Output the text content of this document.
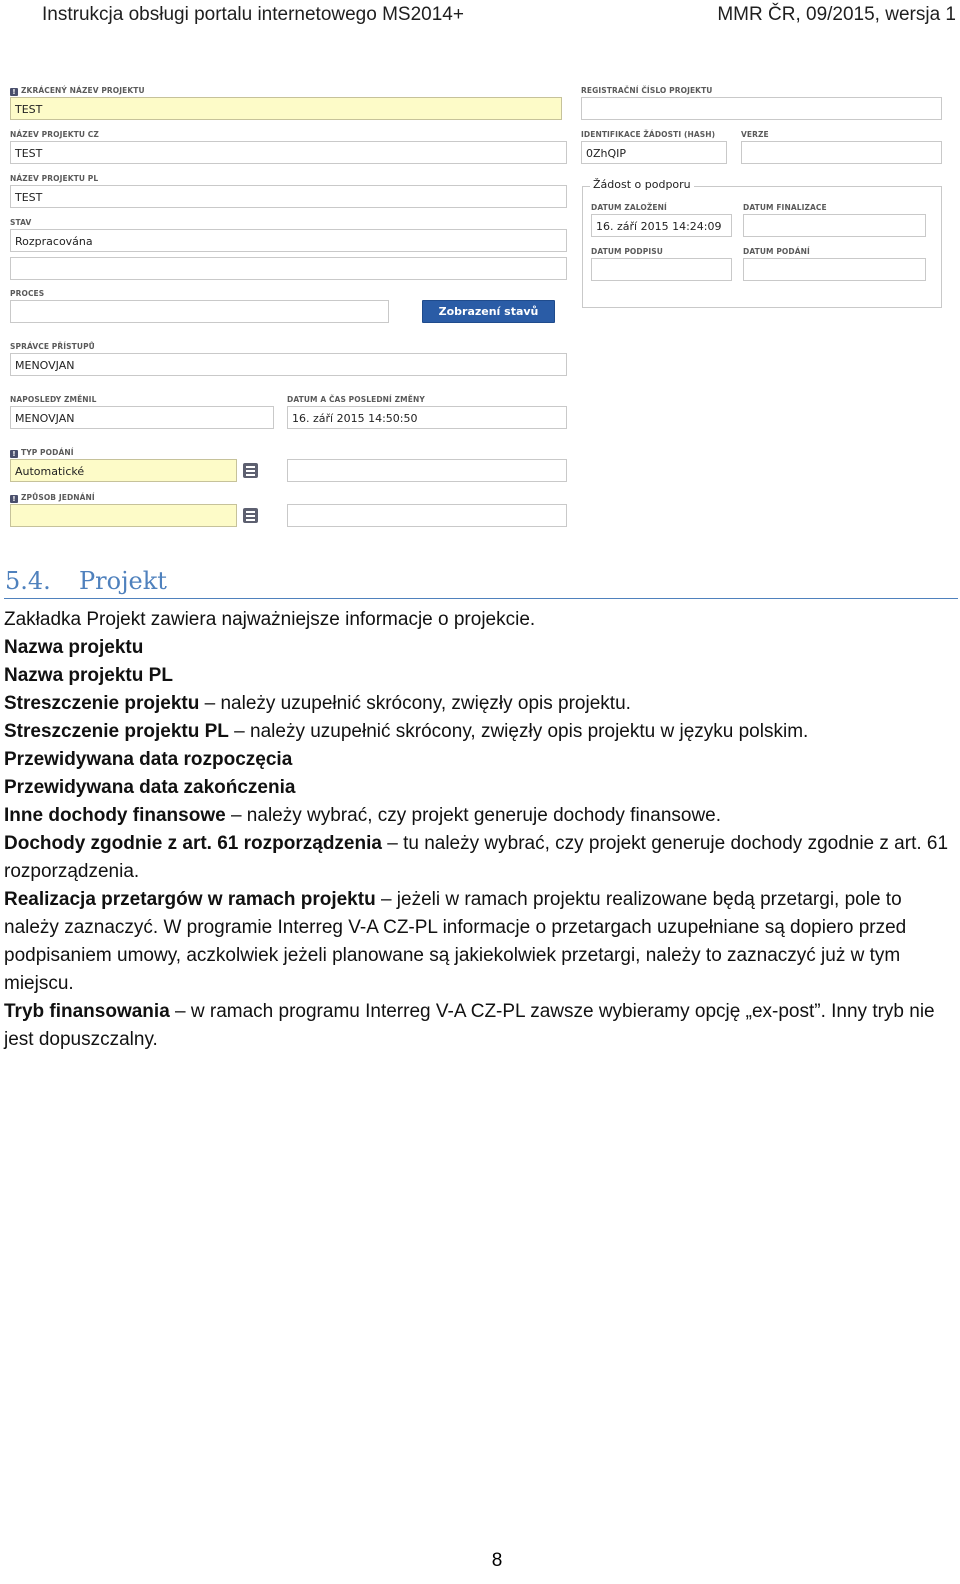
Instrukcja obsługi portalu internetowego MS2014+	MMR ČR, 09/2015, wersja 1
! ZKRÁCENÝ NÁZEV PROJEKTU
TEST
REGISTRAČNÍ ČÍSLO PROJEKTU
NÁZEV PROJEKTU CZ
TEST
IDENTIFIKACE ŽÁDOSTI (HASH)
0ZhQIP
VERZE
NÁZEV PROJEKTU PL
TEST
Žádost o podporu
DATUM ZALOŽENÍ
16. září 2015 14:24:09
DATUM FINALIZACE
DATUM PODPISU	DATUM PODÁNÍ
STAV
Rozpracována
PROCES
Zobrazení stavů
SPRÁVCE PŘÍSTUPŮ
MENOVJAN
NAPOSLEDY ZMĚNIL
MENOVJAN
DATUM A ČAS POSLEDNÍ ZMĚNY
16. září 2015 14:50:50
! TYP PODÁNÍ
Automatické
! ZPŮSOB JEDNÁNÍ
5.4. Projekt

Zakładka Projekt zawiera najważniejsze informacje o projekcie.

Nazwa projektu

Nazwa projektu PL

Streszczenie projektu – należy uzupełnić skrócony, zwięzły opis projektu.

Streszczenie projektu PL – należy uzupełnić skrócony, zwięzły opis projektu w języku polskim.

Przewidywana data rozpoczęcia

Przewidywana data zakończenia

Inne dochody finansowe – należy wybrać, czy projekt generuje dochody finansowe.

Dochody zgodnie z art. 61 rozporządzenia – tu należy wybrać, czy projekt generuje dochody zgodnie z art. 61 rozporządzenia.

Realizacja przetargów w ramach projektu – jeżeli w ramach projektu realizowane będą przetargi, pole to należy zaznaczyć. W programie Interreg V-A CZ-PL informacje o przetargach uzupełniane są dopiero przed podpisaniem umowy, aczkolwiek jeżeli planowane są jakiekolwiek przetargi, należy to zaznaczyć już w tym miejscu.

Tryb finansowania – w ramach programu Interreg V-A CZ-PL zawsze wybieramy opcję „ex-post”. Inny tryb nie jest dopuszczalny.

8
